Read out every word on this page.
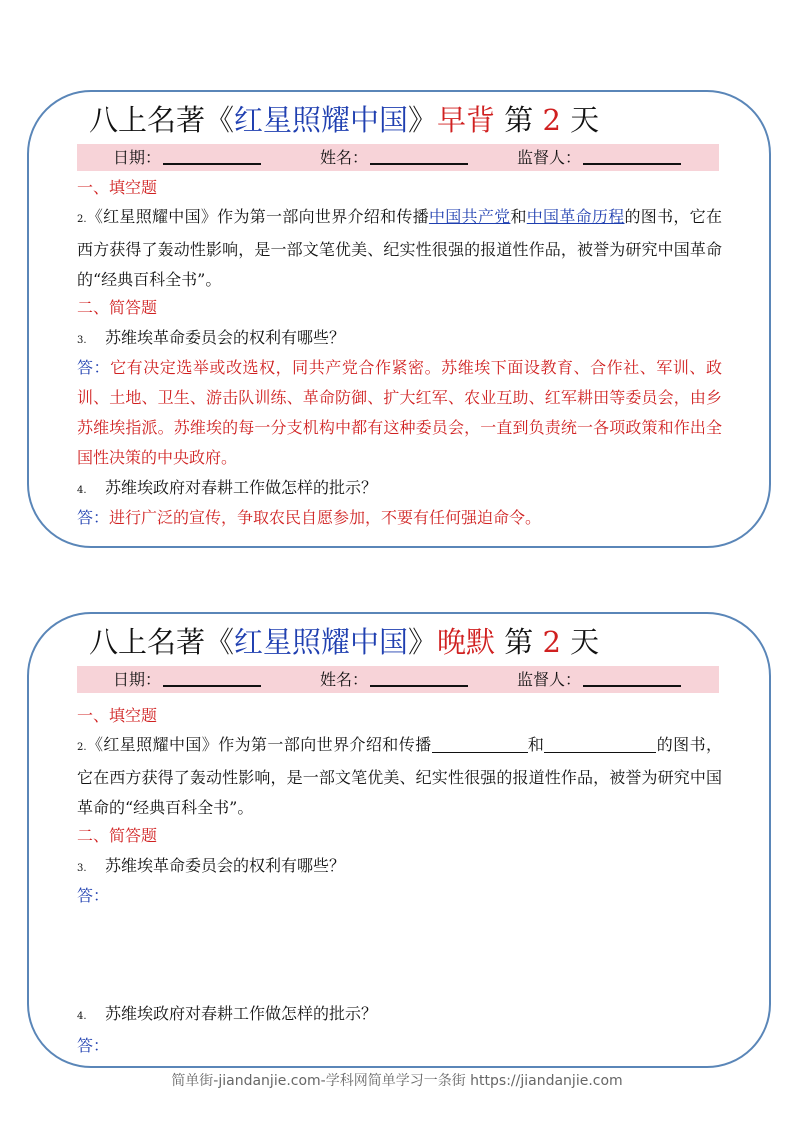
八上名著《红星照耀中国》早背 第 2 天
日期：	姓名：	监督人：
一、填空题
2.《红星照耀中国》作为第一部向世界介绍和传播中国共产党和中国革命历程的图书，它在西方获得了轰动性影响，是一部文笔优美、纪实性很强的报道性作品，被誉为研究中国革命的“经典百科全书”。
二、简答题
3. 苏维埃革命委员会的权利有哪些？
答：它有决定选举或改选权，同共产党合作紧密。苏维埃下面设教育、合作社、军训、政训、土地、卫生、游击队训练、革命防御、扩大红军、农业互助、红军耕田等委员会，由乡苏维埃指派。苏维埃的每一分支机构中都有这种委员会，一直到负责统一各项政策和作出全国性决策的中央政府。
4. 苏维埃政府对春耕工作做怎样的批示？
答：进行广泛的宣传，争取农民自愿参加，不要有任何强迫命令。
八上名著《红星照耀中国》晚默 第 2 天
日期：	姓名：	监督人：
一、填空题
2.《红星照耀中国》作为第一部向世界介绍和传播	和	的图书，它在西方获得了轰动性影响，是一部文笔优美、纪实性很强的报道性作品，被誉为研究中国革命的“经典百科全书”。
二、简答题
3. 苏维埃革命委员会的权利有哪些？
答：
4. 苏维埃政府对春耕工作做怎样的批示？
答：
简单街-jiandanjie.com-学科网简单学习一条街 https://jiandanjie.com
